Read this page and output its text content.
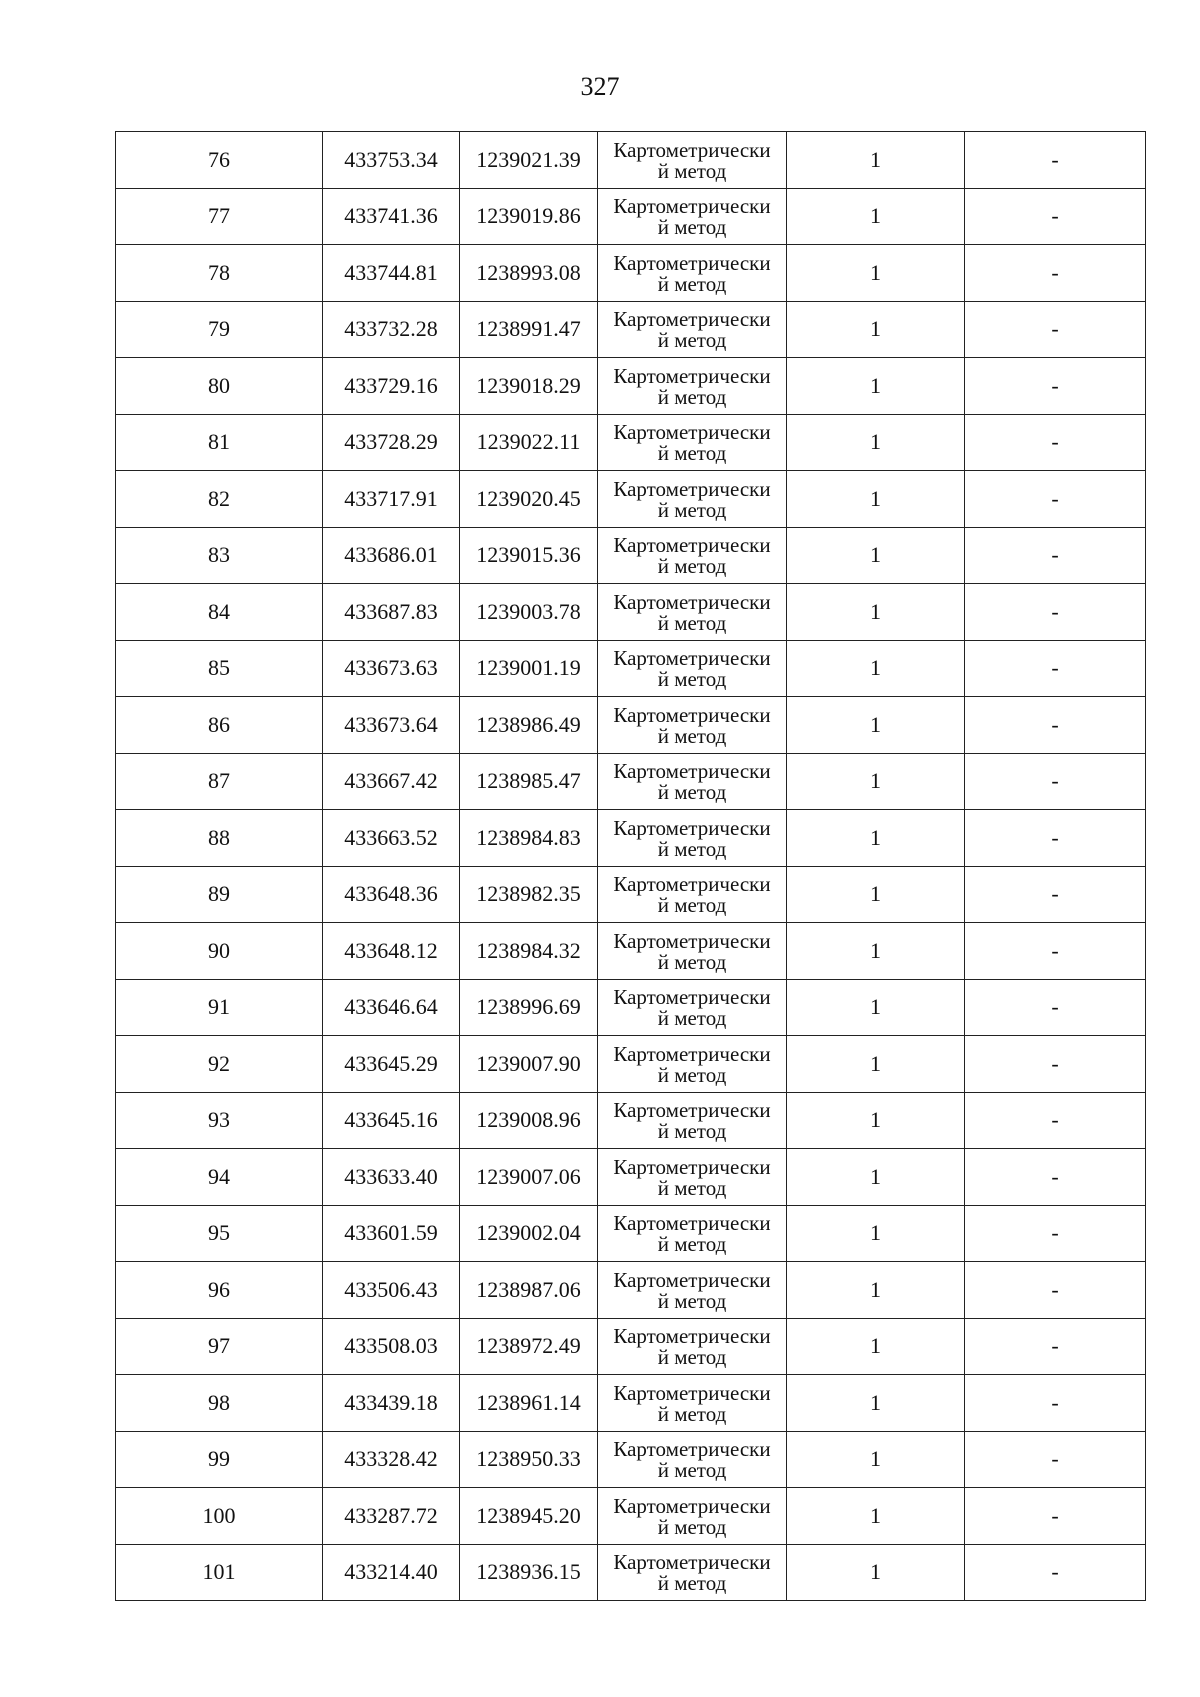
327
76	433753.34	1239021.39	Картометрически
й метод	1	-
77	433741.36	1239019.86	Картометрически
й метод	1	-
78	433744.81	1238993.08	Картометрически
й метод	1	-
79	433732.28	1238991.47	Картометрически
й метод	1	-
80	433729.16	1239018.29	Картометрически
й метод	1	-
81	433728.29	1239022.11	Картометрически
й метод	1	-
82	433717.91	1239020.45	Картометрически
й метод	1	-
83	433686.01	1239015.36	Картометрически
й метод	1	-
84	433687.83	1239003.78	Картометрически
й метод	1	-
85	433673.63	1239001.19	Картометрически
й метод	1	-
86	433673.64	1238986.49	Картометрически
й метод	1	-
87	433667.42	1238985.47	Картометрически
й метод	1	-
88	433663.52	1238984.83	Картометрически
й метод	1	-
89	433648.36	1238982.35	Картометрически
й метод	1	-
90	433648.12	1238984.32	Картометрически
й метод	1	-
91	433646.64	1238996.69	Картометрически
й метод	1	-
92	433645.29	1239007.90	Картометрически
й метод	1	-
93	433645.16	1239008.96	Картометрически
й метод	1	-
94	433633.40	1239007.06	Картометрически
й метод	1	-
95	433601.59	1239002.04	Картометрически
й метод	1	-
96	433506.43	1238987.06	Картометрически
й метод	1	-
97	433508.03	1238972.49	Картометрически
й метод	1	-
98	433439.18	1238961.14	Картометрически
й метод	1	-
99	433328.42	1238950.33	Картометрически
й метод	1	-
100	433287.72	1238945.20	Картометрически
й метод	1	-
101	433214.40	1238936.15	Картометрически
й метод	1	-
